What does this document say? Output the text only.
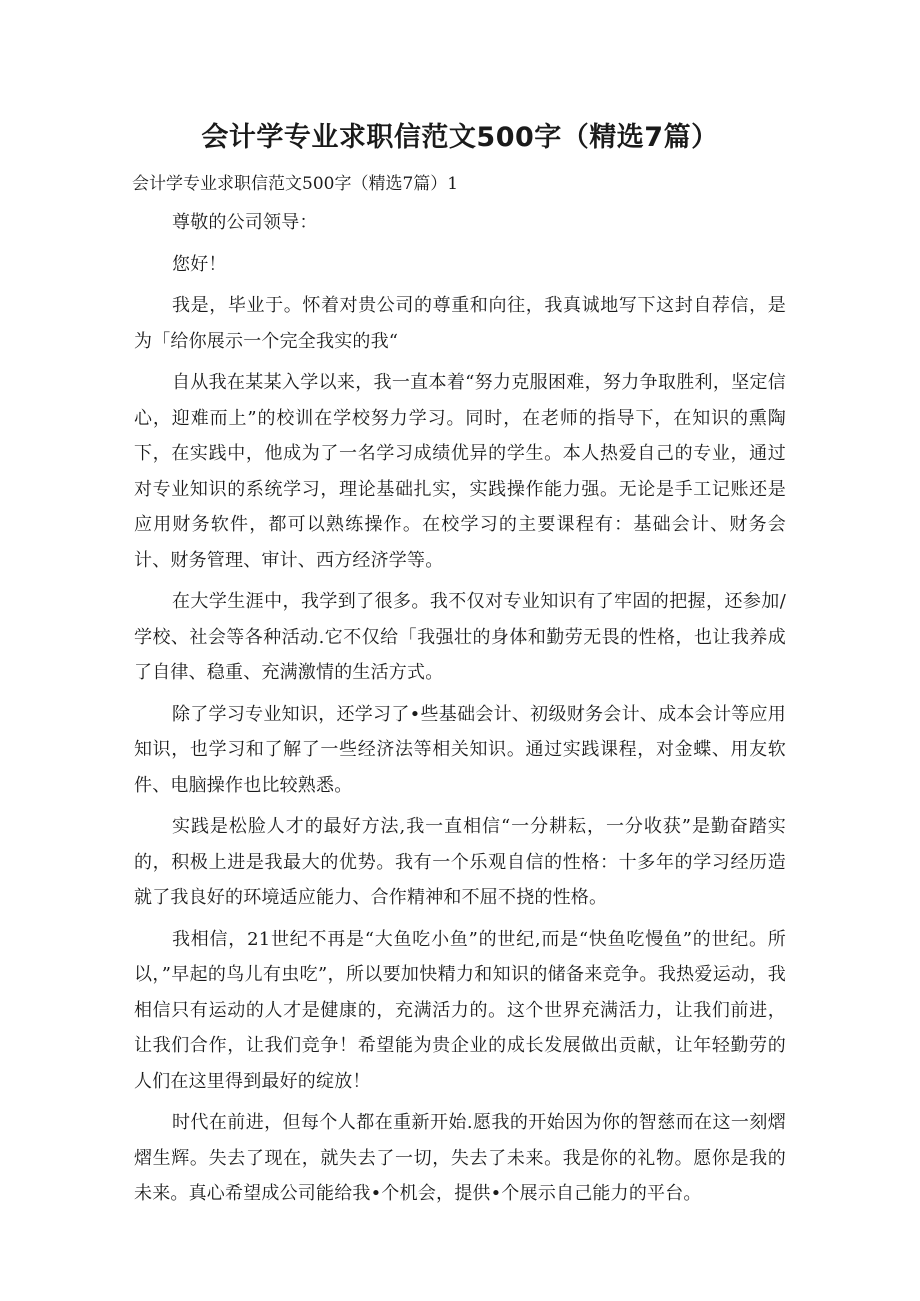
会计学专业求职信范文500字（精选7篇）

会计学专业求职信范文500字（精选7篇）1

尊敬的公司领导：

您好！

我是，毕业于。怀着对贵公司的尊重和向往，我真诚地写下这封自荐信，是为「给你展示一个完全我实的我“

自从我在某某入学以来，我一直本着“努力克服困难，努力争取胜利，坚定信心，迎难而上”的校训在学校努力学习。同时，在老师的指导下，在知识的熏陶下，在实践中，他成为了一名学习成绩优异的学生。本人热爱自己的专业，通过对专业知识的系统学习，理论基础扎实，实践操作能力强。无论是手工记账还是应用财务软件，都可以熟练操作。在校学习的主要课程有：基础会计、财务会计、财务管理、审计、西方经济学等。

在大学生涯中，我学到了很多。我不仅对专业知识有了牢固的把握，还参加/学校、社会等各种活动.它不仅给「我强壮的身体和勤劳无畏的性格，也让我养成了自律、稳重、充满激情的生活方式。

除了学习专业知识，还学习了•些基础会计、初级财务会计、成本会计等应用知识，也学习和了解了一些经济法等相关知识。通过实践课程，对金蝶、用友软件、电脑操作也比较熟悉。

实践是松脸人才的最好方法,我一直相信“一分耕耘，一分收获”是勤奋踏实的，积极上进是我最大的优势。我有一个乐观自信的性格：十多年的学习经历造就了我良好的环境适应能力、合作精神和不屈不挠的性格。

我相信，21世纪不再是“大鱼吃小鱼”的世纪,而是“快鱼吃慢鱼”的世纪。所以，”早起的鸟儿有虫吃”，所以要加快精力和知识的储备来竞争。我热爱运动，我相信只有运动的人才是健康的，充满活力的。这个世界充满活力，让我们前进，让我们合作，让我们竞争！希望能为贵企业的成长发展做出贡献，让年轻勤劳的人们在这里得到最好的绽放！

时代在前进，但每个人都在重新开始.愿我的开始因为你的智慈而在这一刻熠熠生辉。失去了现在，就失去了一切，失去了未来。我是你的礼物。愿你是我的未来。真心希望成公司能给我•个机会，提供•个展示自己能力的平台。
